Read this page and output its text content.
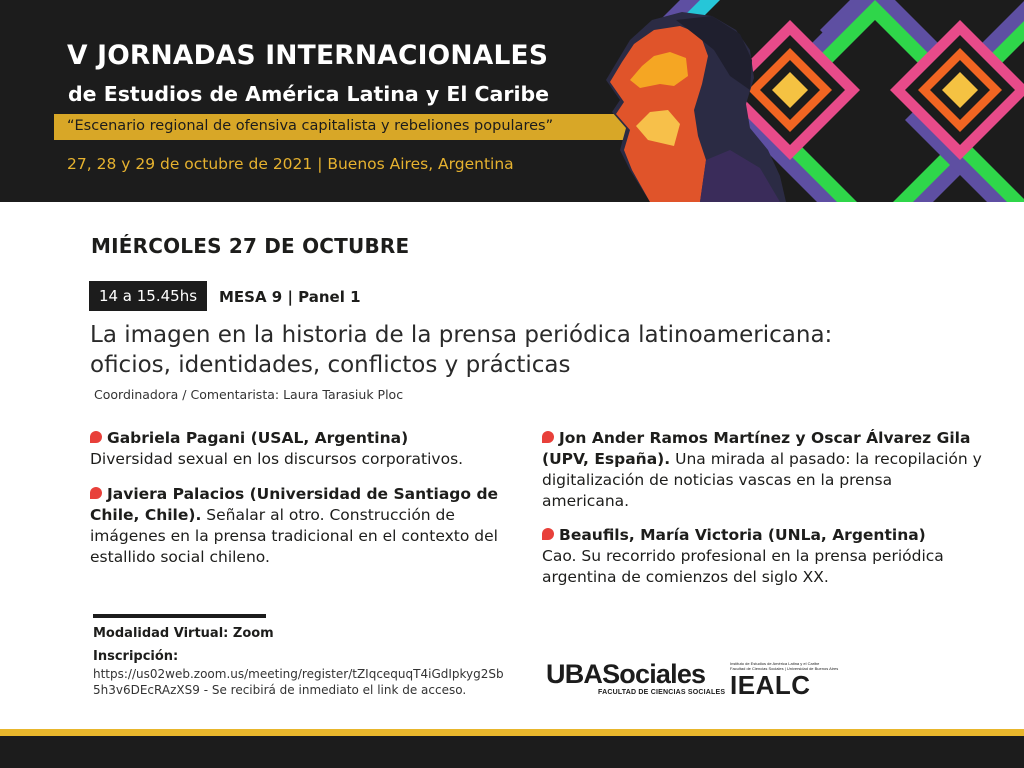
V JORNADAS INTERNACIONALES
de Estudios de América Latina y El Caribe
“Escenario regional de ofensiva capitalista y rebeliones populares”
27, 28 y 29 de octubre de 2021 | Buenos Aires, Argentina
MIÉRCOLES 27 DE OCTUBRE
14 a 15.45hs	MESA 9 | Panel 1
La imagen en la historia de la prensa periódica latinoamericana: oficios, identidades, conflictos y prácticas
Coordinadora / Comentarista: Laura Tarasiuk Ploc
Gabriela Pagani (USAL, Argentina)
Diversidad sexual en los discursos corporativos.
Javiera Palacios (Universidad de Santiago de Chile, Chile). Señalar al otro. Construcción de imágenes en la prensa tradicional en el contexto del estallido social chileno.
Jon Ander Ramos Martínez y Oscar Álvarez Gila (UPV, España). Una mirada al pasado: la recopilación y digitalización de noticias vascas en la prensa americana.
Beaufils, María Victoria (UNLa, Argentina)
Cao. Su recorrido profesional en la prensa periódica argentina de comienzos del siglo XX.
Modalidad Virtual: Zoom
Inscripción:
https://us02web.zoom.us/meeting/register/tZIqcequqT4iGdIpkyg2Sb
5h3v6DEcRAzXS9 - Se recibirá de inmediato el link de acceso.
UBASociales
FACULTAD DE CIENCIAS SOCIALES
Instituto de Estudios de América Latina y el Caribe
Facultad de Ciencias Sociales | Universidad de Buenos Aires
IEALC
